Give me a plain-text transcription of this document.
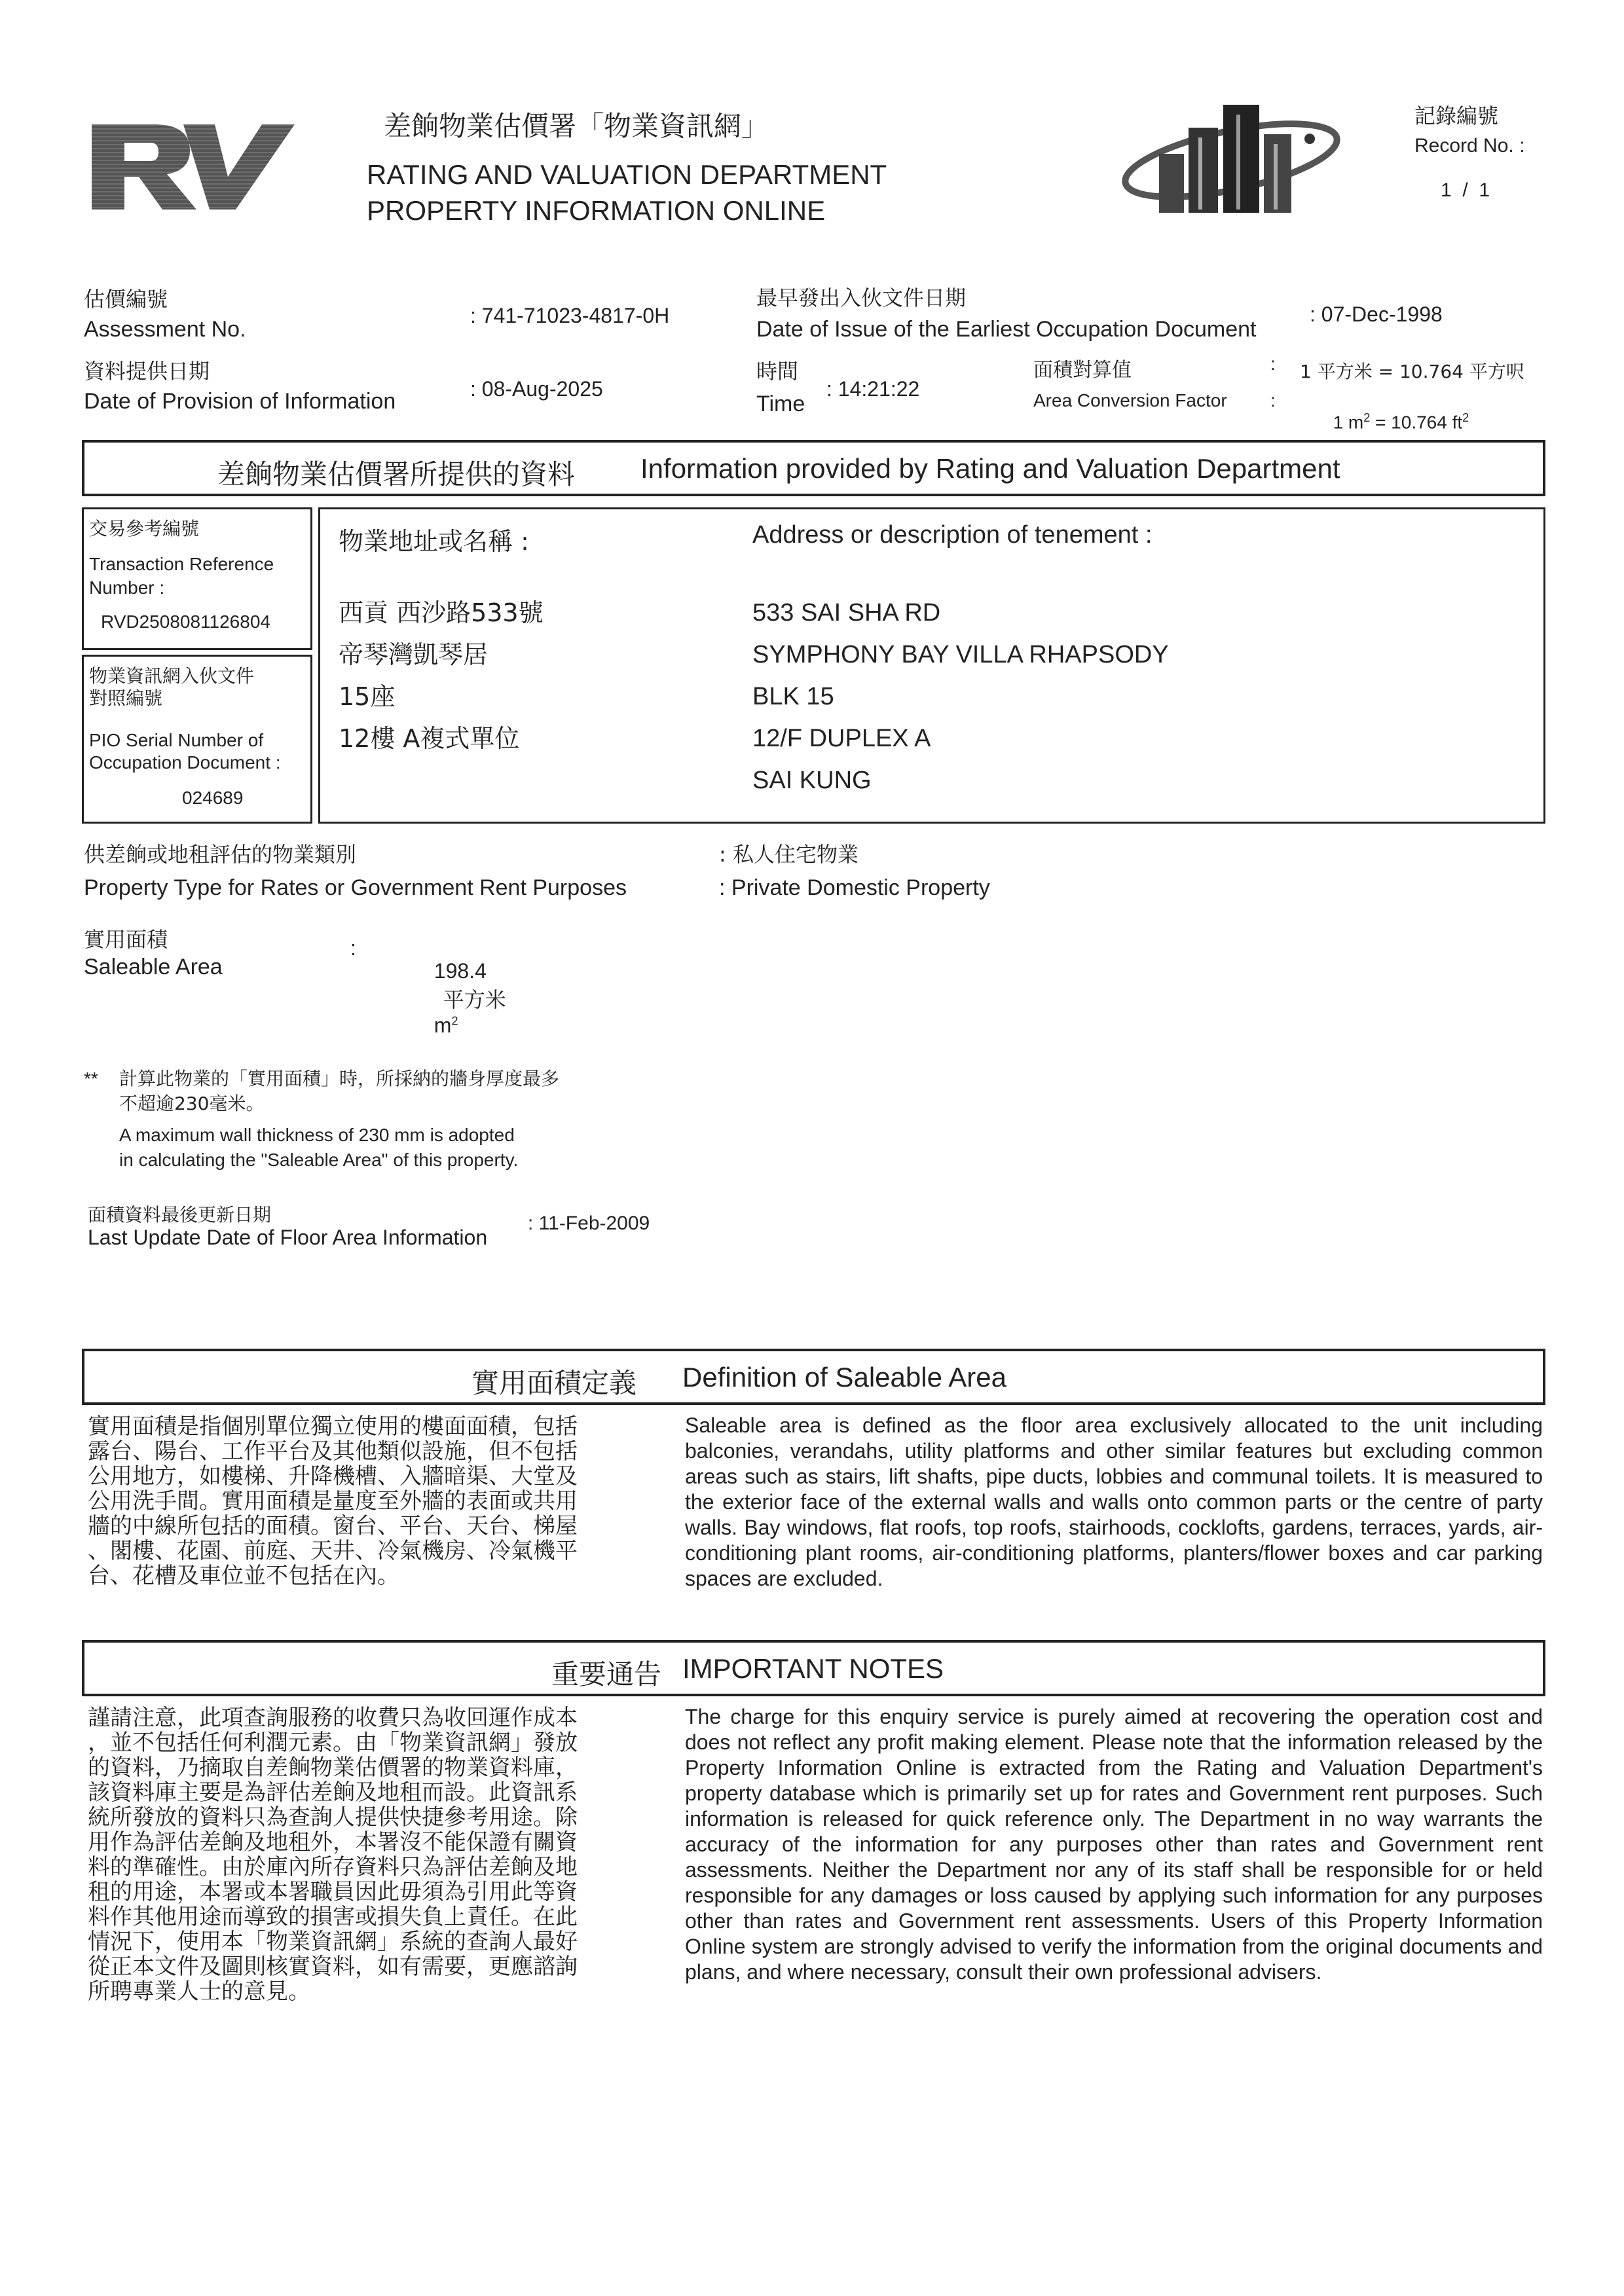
差餉物業估價署「物業資訊網」
RATING AND VALUATION DEPARTMENT
PROPERTY INFORMATION ONLINE
記錄編號
Record No. :
1  /  1
估價編號
Assessment No.
: 741-71023-4817-0H
最早發出入伙文件日期
Date of Issue of the Earliest Occupation Document
: 07-Dec-1998
資料提供日期
Date of Provision of Information	: 08-Aug-2025
時間
Time
: 14:21:22
面積對算值
Area Conversion Factor
:
:
1 平方米 = 10.764 平方呎

1 $m^2 = 10.764$ $ft^2$

差餉物業估價署所提供的資料 Information provided by Rating and Valuation Department
交易參考編號
Transaction Reference
Number :
RVD2508081126804
物業資訊網入伙文件
對照編號
PIO Serial Number of
Occupation Document :
024689
物業地址或名稱 :	Address or description of tenement :
西貢 西沙路533號
帝琴灣凱琴居
15座
12樓 A複式單位
533 SAI SHA RD
SYMPHONY BAY VILLA RHAPSODY
BLK 15
12/F DUPLEX A
SAI KUNG
供差餉或地租評估的物業類別
Property Type for Rates or Government Rent Purposes
: 私人住宅物業
: Private Domestic Property
實用面積
Saleable Area
:

198.4
平方米
$m^2$

** 計算此物業的「實用面積」時，所採納的牆身厚度最多
不超逾230毫米。
A maximum wall thickness of 230 mm is adopted
in calculating the "Saleable Area" of this property.
面積資料最後更新日期
Last Update Date of Floor Area Information
: 11-Feb-2009
實用面積定義 Definition of Saleable Area
實用面積是指個別單位獨立使用的樓面面積，包括
露台、陽台、工作平台及其他類似設施，但不包括
公用地方，如樓梯、升降機槽、入牆暗渠、大堂及
公用洗手間。實用面積是量度至外牆的表面或共用
牆的中線所包括的面積。窗台、平台、天台、梯屋
、閣樓、花園、前庭、天井、冷氣機房、冷氣機平
台、花槽及車位並不包括在內。
Saleable area is defined as the floor area exclusively allocated to the unit including balconies, verandahs, utility platforms and other similar features but excluding common areas such as stairs, lift shafts, pipe ducts, lobbies and communal toilets. It is measured to the exterior face of the external walls and walls onto common parts or the centre of party walls. Bay windows, flat roofs, top roofs, stairhoods, cocklofts, gardens, terraces, yards, air-conditioning plant rooms, air-conditioning platforms, planters/flower boxes and car parking spaces are excluded.
重要通告 IMPORTANT NOTES
謹請注意，此項查詢服務的收費只為收回運作成本
，並不包括任何利潤元素。由「物業資訊網」發放
的資料，乃摘取自差餉物業估價署的物業資料庫，
該資料庫主要是為評估差餉及地租而設。此資訊系
統所發放的資料只為查詢人提供快捷參考用途。除
用作為評估差餉及地租外，本署沒不能保證有關資
料的準確性。由於庫內所存資料只為評估差餉及地
租的用途，本署或本署職員因此毋須為引用此等資
料作其他用途而導致的損害或損失負上責任。在此
情況下，使用本「物業資訊網」系統的查詢人最好
從正本文件及圖則核實資料，如有需要，更應諮詢
所聘專業人士的意見。
The charge for this enquiry service is purely aimed at recovering the operation cost and does not reflect any profit making element. Please note that the information released by the Property Information Online is extracted from the Rating and Valuation Department's property database which is primarily set up for rates and Government rent purposes. Such information is released for quick reference only. The Department in no way warrants the accuracy of the information for any purposes other than rates and Government rent assessments. Neither the Department nor any of its staff shall be responsible for or held responsible for any damages or loss caused by applying such information for any purposes other than rates and Government rent assessments. Users of this Property Information Online system are strongly advised to verify the information from the original documents and plans, and where necessary, consult their own professional advisers.
